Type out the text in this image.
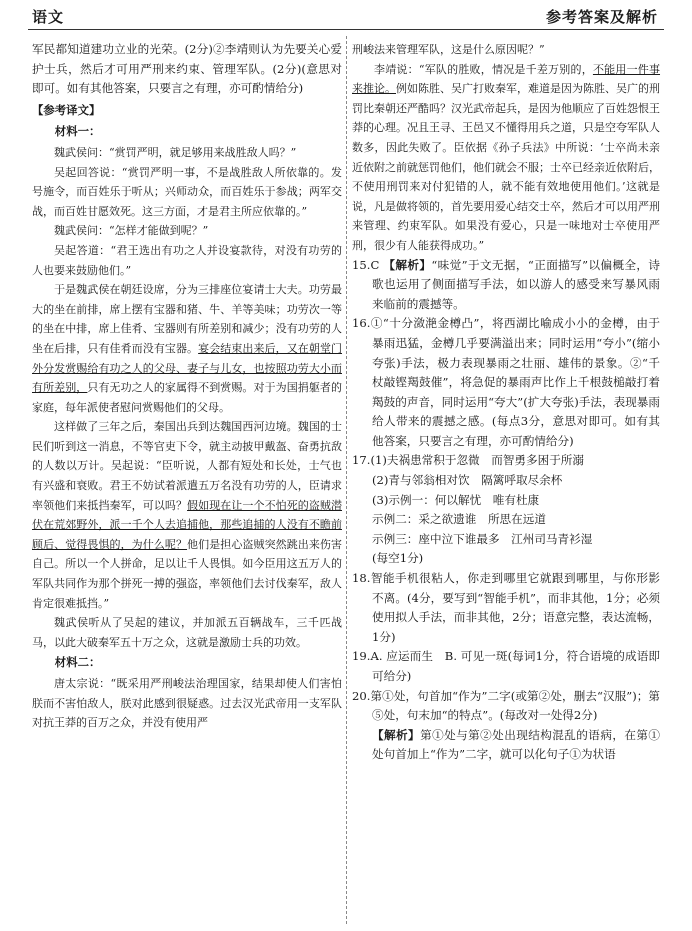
语文	参考答案及解析

军民都知道建功立业的光荣。(2分)②李靖则认为先要关心爱护士兵，然后才可用严刑来约束、管理军队。(2分)(意思对即可。如有其他答案，只要言之有理，亦可酌情给分)

【参考译文】

材料一：

魏武侯问：“赏罚严明，就足够用来战胜敌人吗？”

吴起回答说：“赏罚严明一事，不是战胜敌人所依靠的。发号施令，而百姓乐于听从；兴师动众，而百姓乐于参战；两军交战，而百姓甘愿效死。这三方面，才是君主所应依靠的。”

魏武侯问：“怎样才能做到呢？”

吴起答道：“君王选出有功之人并设宴款待，对没有功劳的人也要来鼓励他们。”

于是魏武侯在朝廷设席，分为三排座位宴请士大夫。功劳最大的坐在前排，席上摆有宝器和猪、牛、羊等美味；功劳次一等的坐在中排，席上佳肴、宝器则有所差别和减少；没有功劳的人坐在后排，只有佳肴而没有宝器。宴会结束出来后，又在朝堂门外分发赏赐给有功之人的父母、妻子与儿女，也按照功劳大小而有所差别，只有无功之人的家属得不到赏赐。对于为国捐躯者的家庭，每年派使者慰问赏赐他们的父母。

这样做了三年之后，秦国出兵到达魏国西河边境。魏国的士民们听到这一消息，不等官吏下令，就主动披甲戴盔、奋勇抗敌的人数以万计。吴起说：“臣听说，人都有短处和长处，士气也有兴盛和衰败。君王不妨试着派遣五万名没有功劳的人，臣请求率领他们来抵挡秦军，可以吗？假如现在让一个不怕死的盗贼潜伏在荒郊野外，派一千个人去追捕他，那些追捕的人没有不瞻前顾后、觉得畏惧的，为什么呢？他们是担心盗贼突然跳出来伤害自己。所以一个人拼命，足以让千人畏惧。如今臣用这五万人的军队共同作为那个拼死一搏的强盗，率领他们去讨伐秦军，敌人肯定很难抵挡。”

魏武侯听从了吴起的建议，并加派五百辆战车，三千匹战马，以此大破秦军五十万之众，这就是激励士兵的功效。

材料二：

唐太宗说：“既采用严刑峻法治理国家，结果却使人们害怕朕而不害怕敌人，朕对此感到很疑惑。过去汉光武帝用一支军队对抗王莽的百万之众，并没有使用严

刑峻法来管理军队，这是什么原因呢？”

李靖说：“军队的胜败，情况是千差万别的，不能用一件事来推论。例如陈胜、吴广打败秦军，难道是因为陈胜、吴广的刑罚比秦朝还严酷吗？汉光武帝起兵，是因为他顺应了百姓怨恨王莽的心理。况且王寻、王邑又不懂得用兵之道，只是空夸军队人数多，因此失败了。臣依据《孙子兵法》中所说：‘士卒尚未亲近依附之前就惩罚他们，他们就会不服；士卒已经亲近依附后，不使用刑罚来对付犯错的人，就不能有效地使用他们。’这就是说，凡是做将领的，首先要用爱心结交士卒，然后才可以用严刑来管理、约束军队。如果没有爱心，只是一味地对士卒使用严刑，很少有人能获得成功。”

15.C 【解析】“味觉”于文无据，“正面描写”以偏概全，诗歌也运用了侧面描写手法，如以游人的感受来写暴风雨来临前的震撼等。

16.①“十分潋滟金樽凸”，将西湖比喻成小小的金樽，由于暴雨迅猛，金樽几乎要满溢出来；同时运用“夸小”(缩小夸张)手法，极力表现暴雨之壮丽、雄伟的景象。②“千杖敲铿羯鼓催”，将急促的暴雨声比作上千根鼓槌敲打着羯鼓的声音，同时运用“夸大”(扩大夸张)手法，表现暴雨给人带来的震撼之感。(每点3分，意思对即可。如有其他答案，只要言之有理，亦可酌情给分)

17.(1)夫祸患常积于忽微　而智勇多困于所溺

(2)青与邻翁相对饮　隔篱呼取尽余杯

(3)示例一：何以解忧　唯有杜康

示例二：采之欲遗谁　所思在远道

示例三：座中泣下谁最多　江州司马青衫湿

(每空1分)

18.智能手机很粘人，你走到哪里它就跟到哪里，与你形影不离。(4分，要写到“智能手机”，而非其他，1分；必须使用拟人手法，而非其他，2分；语意完整，表达流畅，1分)

19.A. 应运而生　B. 可见一斑(每词1分，符合语境的成语即可给分)

20.第①处，句首加“作为”二字(或第②处，删去“汉服”)；第⑤处，句末加“的特点”。(每改对一处得2分)

【解析】第①处与第②处出现结构混乱的语病，在第①处句首加上“作为”二字，就可以化句子①为状语
